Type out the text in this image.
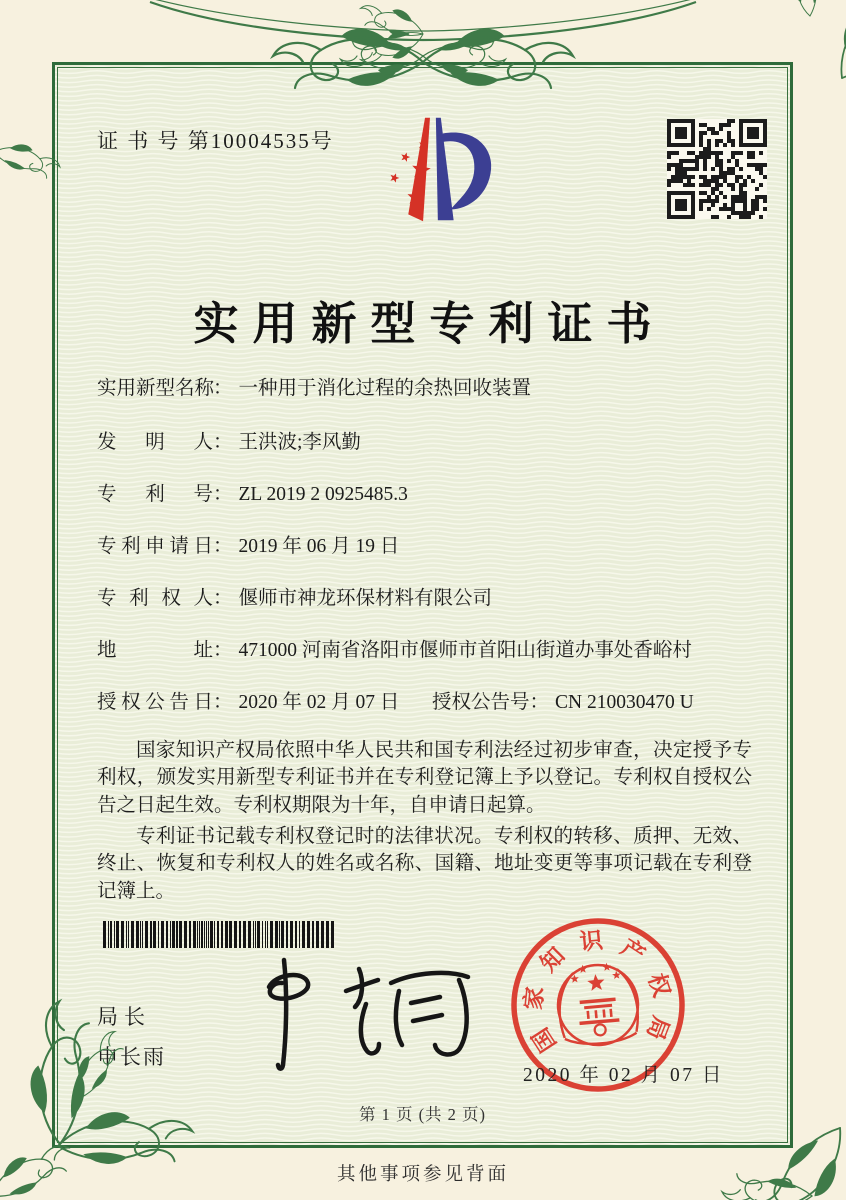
证 书 号 第10004535号
实用新型专利证书
实用新型名称： 一种用于消化过程的余热回收装置
发明人： 王洪波;李风勤
专利号： ZL 2019 2 0925485.3
专利申请日： 2019 年 06 月 19 日
专利权人： 偃师市神龙环保材料有限公司
地址： 471000 河南省洛阳市偃师市首阳山街道办事处香峪村
授权公告日： 2020 年 02 月 07 日 授权公告号： CN 210030470 U

国家知识产权局依照中华人民共和国专利法经过初步审查，决定授予专利权，颁发实用新型专利证书并在专利登记簿上予以登记。专利权自授权公告之日起生效。专利权期限为十年，自申请日起算。

专利证书记载专利权登记时的法律状况。专利权的转移、质押、无效、终止、恢复和专利权人的姓名或名称、国籍、地址变更等事项记载在专利登记簿上。

局长
申长雨
国
家
知
识 产
权
局
2020 年 02 月 07 日
第 1 页 (共 2 页)
其他事项参见背面
